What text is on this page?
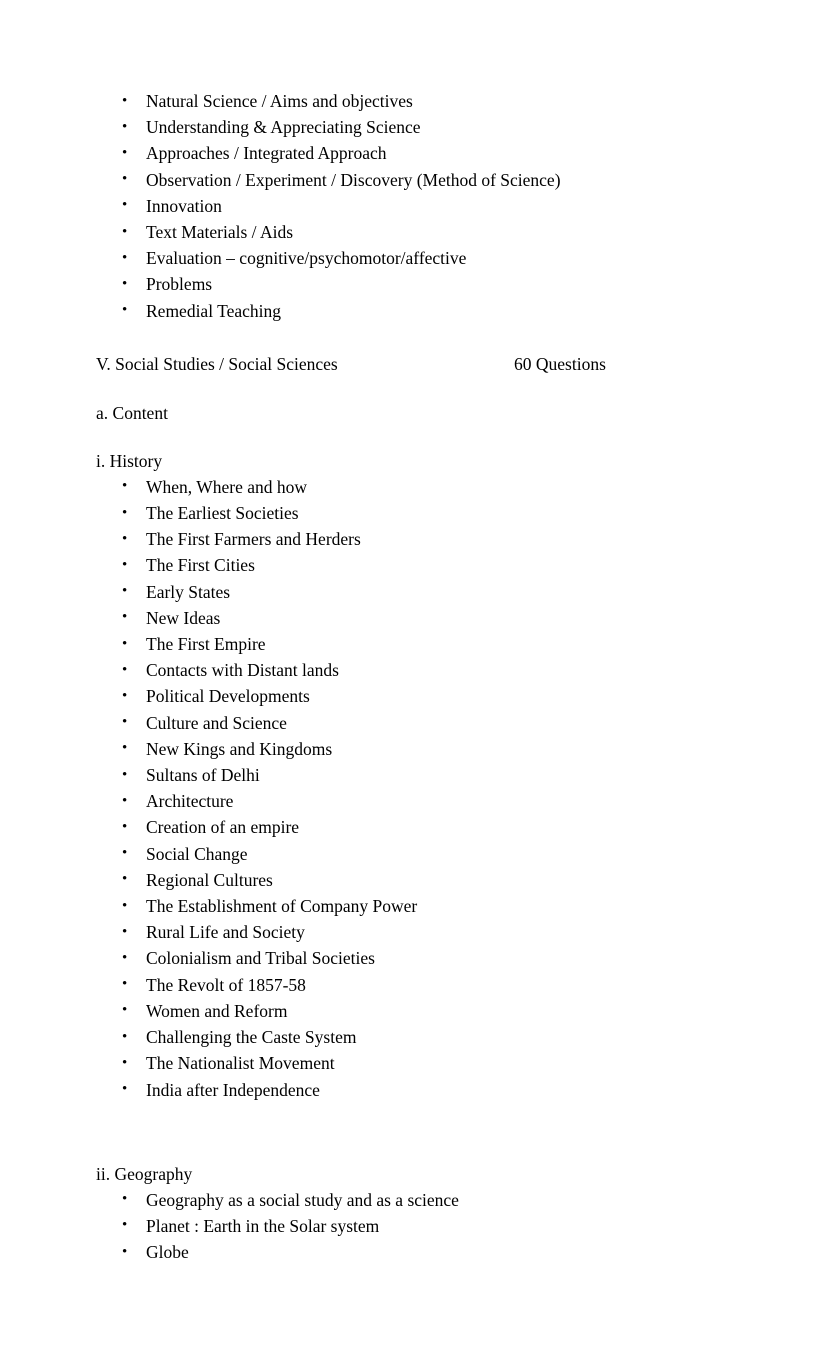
• Natural Science / Aims and objectives
• Understanding & Appreciating Science
• Approaches / Integrated Approach
• Observation / Experiment / Discovery (Method of Science)
• Innovation
• Text Materials / Aids
• Evaluation – cognitive/psychomotor/affective
• Problems
• Remedial Teaching
V. Social Studies / Social Sciences	60 Questions
a. Content
i. History
• When, Where and how
• The Earliest Societies
• The First Farmers and Herders
• The First Cities
• Early States
• New Ideas
• The First Empire
• Contacts with Distant lands
• Political Developments
• Culture and Science
• New Kings and Kingdoms
• Sultans of Delhi
• Architecture
• Creation of an empire
• Social Change
• Regional Cultures
• The Establishment of Company Power
• Rural Life and Society
• Colonialism and Tribal Societies
• The Revolt of 1857-58
• Women and Reform
• Challenging the Caste System
• The Nationalist Movement
• India after Independence
ii. Geography
• Geography as a social study and as a science
• Planet : Earth in the Solar system
• Globe
